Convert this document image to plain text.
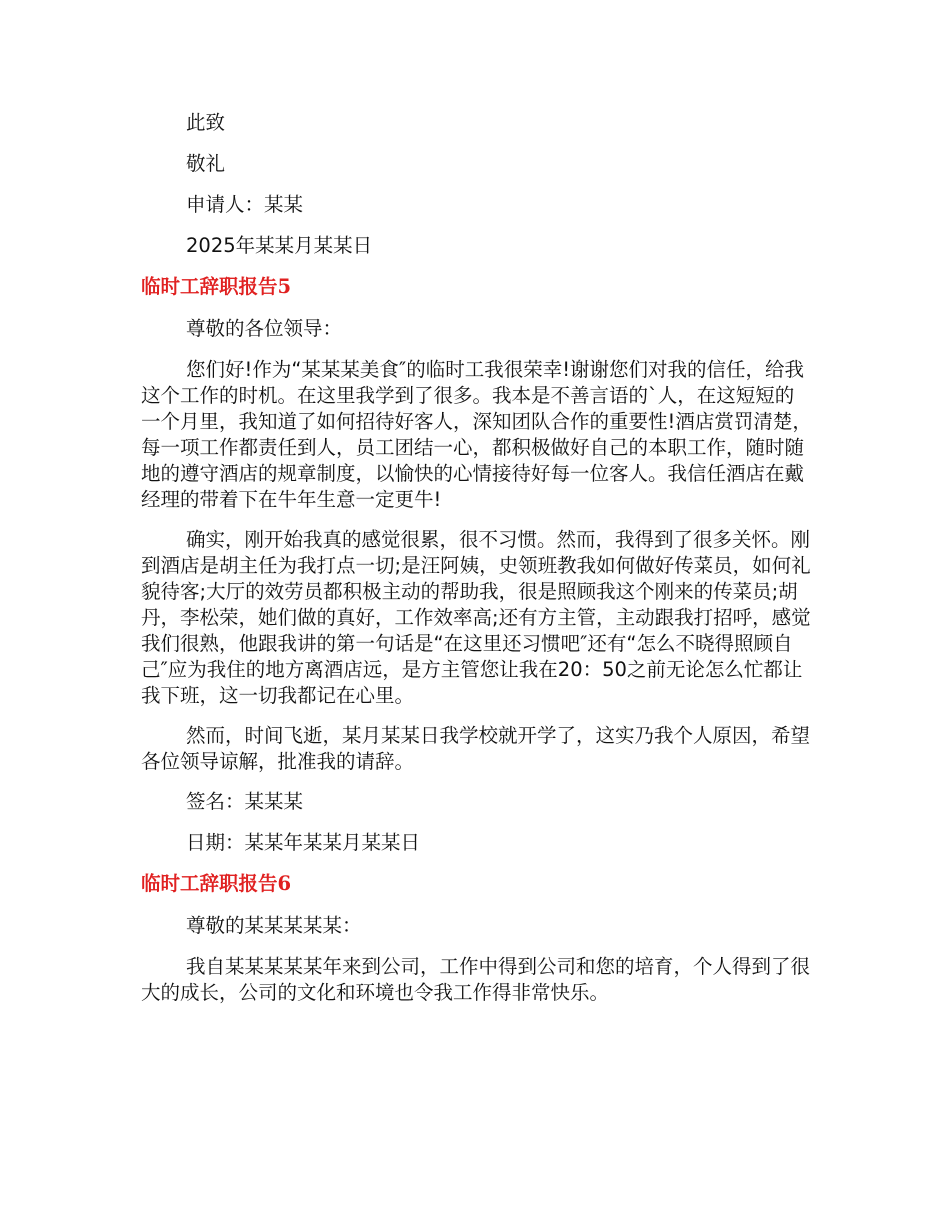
此致

敬礼

申请人：某某

2025年某某月某某日

临时工辞职报告5

尊敬的各位领导：

您们好!作为“某某某美食″的临时工我很荣幸!谢谢您们对我的信任，给我这个工作的时机。在这里我学到了很多。我本是不善言语的`人，在这短短的一个月里，我知道了如何招待好客人，深知团队合作的重要性!酒店赏罚清楚，每一项工作都责任到人，员工团结一心，都积极做好自己的本职工作，随时随地的遵守酒店的规章制度，以愉快的心情接待好每一位客人。我信任酒店在戴经理的带着下在牛年生意一定更牛!

确实，刚开始我真的感觉很累，很不习惯。然而，我得到了很多关怀。刚到酒店是胡主任为我打点一切;是汪阿姨，史领班教我如何做好传菜员，如何礼貌待客;大厅的效劳员都积极主动的帮助我，很是照顾我这个刚来的传菜员;胡丹，李松荣，她们做的真好，工作效率高;还有方主管，主动跟我打招呼，感觉我们很熟，他跟我讲的第一句话是“在这里还习惯吧″还有“怎么不晓得照顾自己″应为我住的地方离酒店远，是方主管您让我在20：50之前无论怎么忙都让我下班，这一切我都记在心里。

然而，时间飞逝，某月某某日我学校就开学了，这实乃我个人原因，希望各位领导谅解，批准我的请辞。

签名：某某某

日期：某某年某某月某某日

临时工辞职报告6

尊敬的某某某某某：

我自某某某某某年来到公司，工作中得到公司和您的培育，个人得到了很大的成长，公司的文化和环境也令我工作得非常快乐。
